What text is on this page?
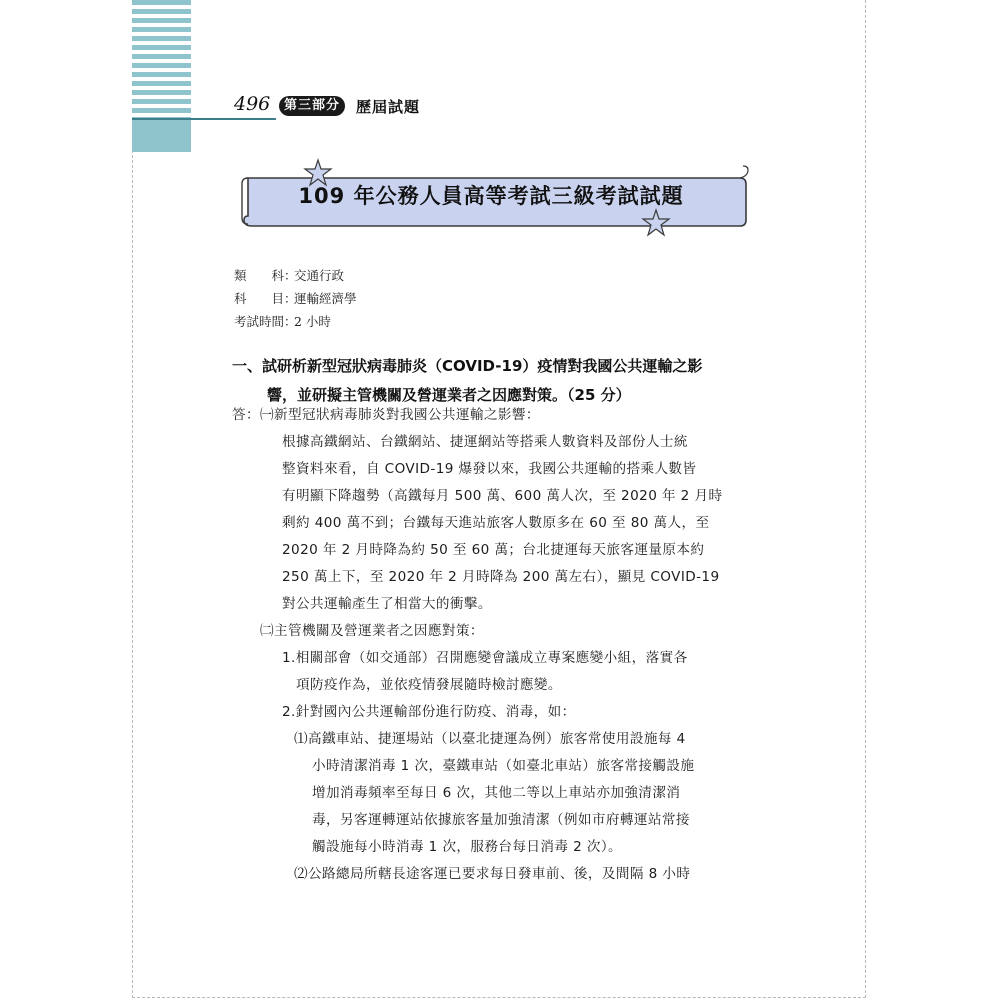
496	第三部分	歷屆試題
109 年公務人員高等考試三級考試試題
類 科 ：
交通行政
科 目 ：
運輸經濟學
考試時間 ：
2 小時
一、試研析新型冠狀病毒肺炎（COVID-19）疫情對我國公共運輸之影
響，並研擬主管機關及營運業者之因應對策。（25 分）
答：㈠新型冠狀病毒肺炎對我國公共運輸之影響：
根據高鐵網站、台鐵網站、捷運網站等搭乘人數資料及部份人士統
整資料來看，自 COVID-19 爆發以來，我國公共運輸的搭乘人數皆
有明顯下降趨勢（高鐵每月 500 萬、600 萬人次，至 2020 年 2 月時
剩約 400 萬不到；台鐵每天進站旅客人數原多在 60 至 80 萬人，至
2020 年 2 月時降為約 50 至 60 萬；台北捷運每天旅客運量原本約
250 萬上下，至 2020 年 2 月時降為 200 萬左右），顯見 COVID-19
對公共運輸產生了相當大的衝擊。
㈡主管機關及營運業者之因應對策：
1.相關部會（如交通部）召開應變會議成立專案應變小組，落實各
項防疫作為，並依疫情發展隨時檢討應變。
2.針對國內公共運輸部份進行防疫、消毒，如：
⑴高鐵車站、捷運場站（以臺北捷運為例）旅客常使用設施每 4
小時清潔消毒 1 次，臺鐵車站（如臺北車站）旅客常接觸設施
增加消毒頻率至每日 6 次，其他二等以上車站亦加強清潔消
毒，另客運轉運站依據旅客量加強清潔（例如市府轉運站常接
觸設施每小時消毒 1 次，服務台每日消毒 2 次）。
⑵公路總局所轄長途客運已要求每日發車前、後，及間隔 8 小時
